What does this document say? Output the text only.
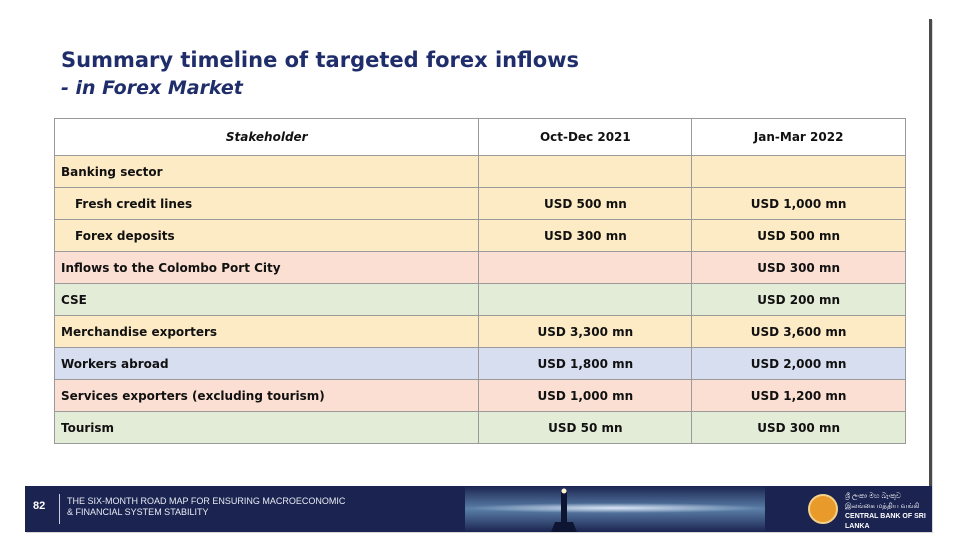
Summary timeline of targeted forex inflows
- in Forex Market
Stakeholder	Oct-Dec 2021	Jan-Mar 2022
Banking sector		
Fresh credit lines	USD 500 mn	USD 1,000 mn
Forex deposits	USD 300 mn	USD 500 mn
Inflows to the Colombo Port City		USD 300 mn
CSE		USD 200 mn
Merchandise exporters	USD 3,300 mn	USD 3,600 mn
Workers abroad	USD 1,800 mn	USD 2,000 mn
Services exporters (excluding tourism)	USD 1,000 mn	USD 1,200 mn
Tourism	USD 50 mn	USD 300 mn
82 THE SIX-MONTH ROAD MAP FOR ENSURING MACROECONOMIC
& FINANCIAL SYSTEM STABILITY
ශ්‍රී ලංකා මහ බැංකුව
இலங்கை மத்திய வங்கி
CENTRAL BANK OF SRI LANKA
